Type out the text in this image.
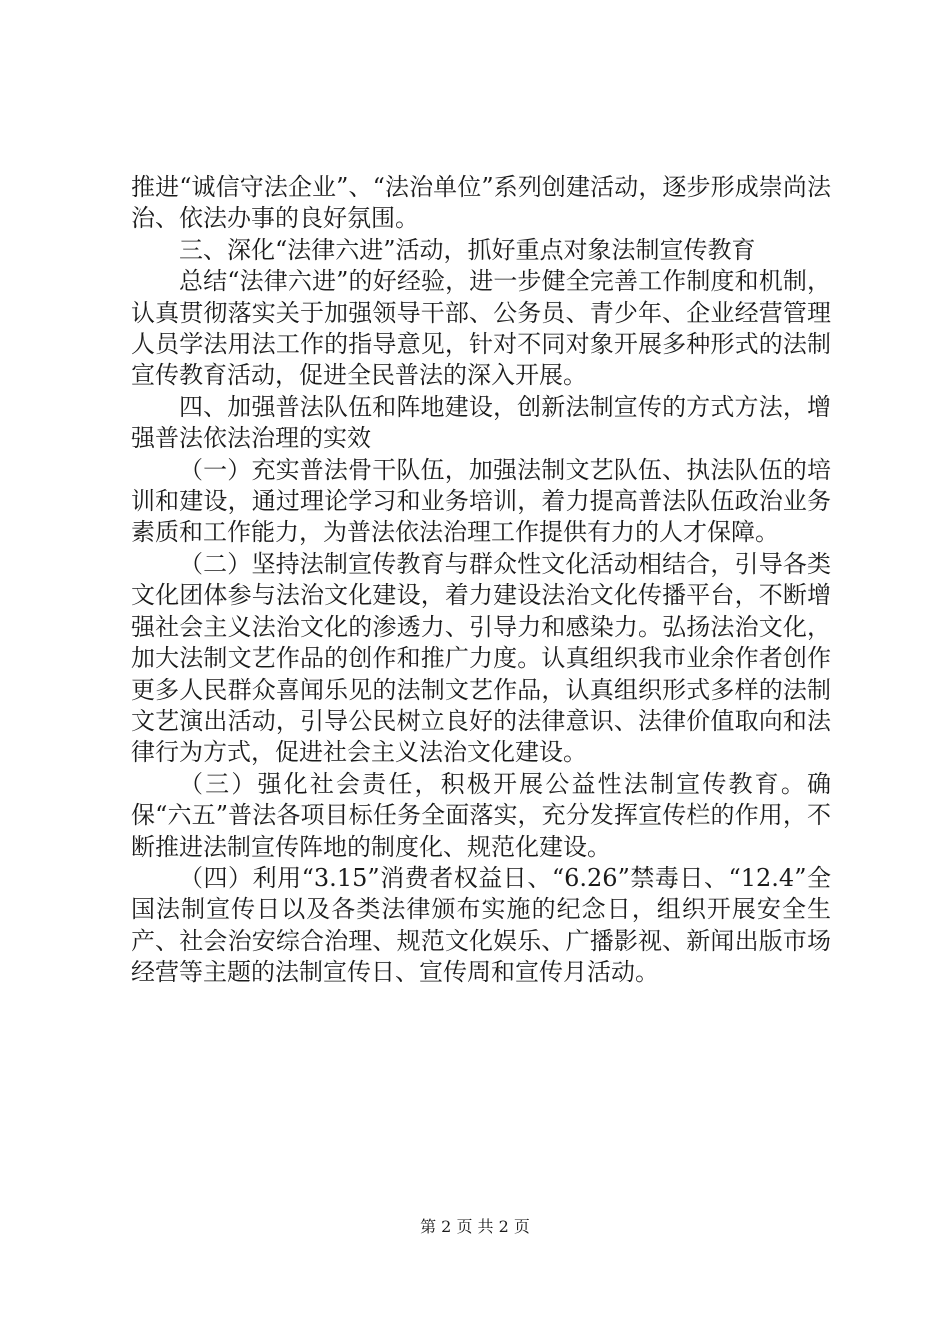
推进“诚信守法企业”、“法治单位”系列创建活动，逐步形成崇尚法治、依法办事的良好氛围。

三、深化“法律六进”活动，抓好重点对象法制宣传教育

总结“法律六进”的好经验，进一步健全完善工作制度和机制，认真贯彻落实关于加强领导干部、公务员、青少年、企业经营管理人员学法用法工作的指导意见，针对不同对象开展多种形式的法制宣传教育活动，促进全民普法的深入开展。

四、加强普法队伍和阵地建设，创新法制宣传的方式方法，增强普法依法治理的实效

（一）充实普法骨干队伍，加强法制文艺队伍、执法队伍的培训和建设，通过理论学习和业务培训，着力提高普法队伍政治业务素质和工作能力，为普法依法治理工作提供有力的人才保障。

（二）坚持法制宣传教育与群众性文化活动相结合，引导各类文化团体参与法治文化建设，着力建设法治文化传播平台，不断增强社会主义法治文化的渗透力、引导力和感染力。弘扬法治文化，加大法制文艺作品的创作和推广力度。认真组织我市业余作者创作更多人民群众喜闻乐见的法制文艺作品，认真组织形式多样的法制文艺演出活动，引导公民树立良好的法律意识、法律价值取向和法律行为方式，促进社会主义法治文化建设。

（三）强化社会责任，积极开展公益性法制宣传教育。确保“六五”普法各项目标任务全面落实，充分发挥宣传栏的作用，不断推进法制宣传阵地的制度化、规范化建设。

（四）利用“3.15”消费者权益日、“6.26”禁毒日、“12.4”全国法制宣传日以及各类法律颁布实施的纪念日，组织开展安全生产、社会治安综合治理、规范文化娱乐、广播影视、新闻出版市场经营等主题的法制宣传日、宣传周和宣传月活动。

第 2 页 共 2 页
